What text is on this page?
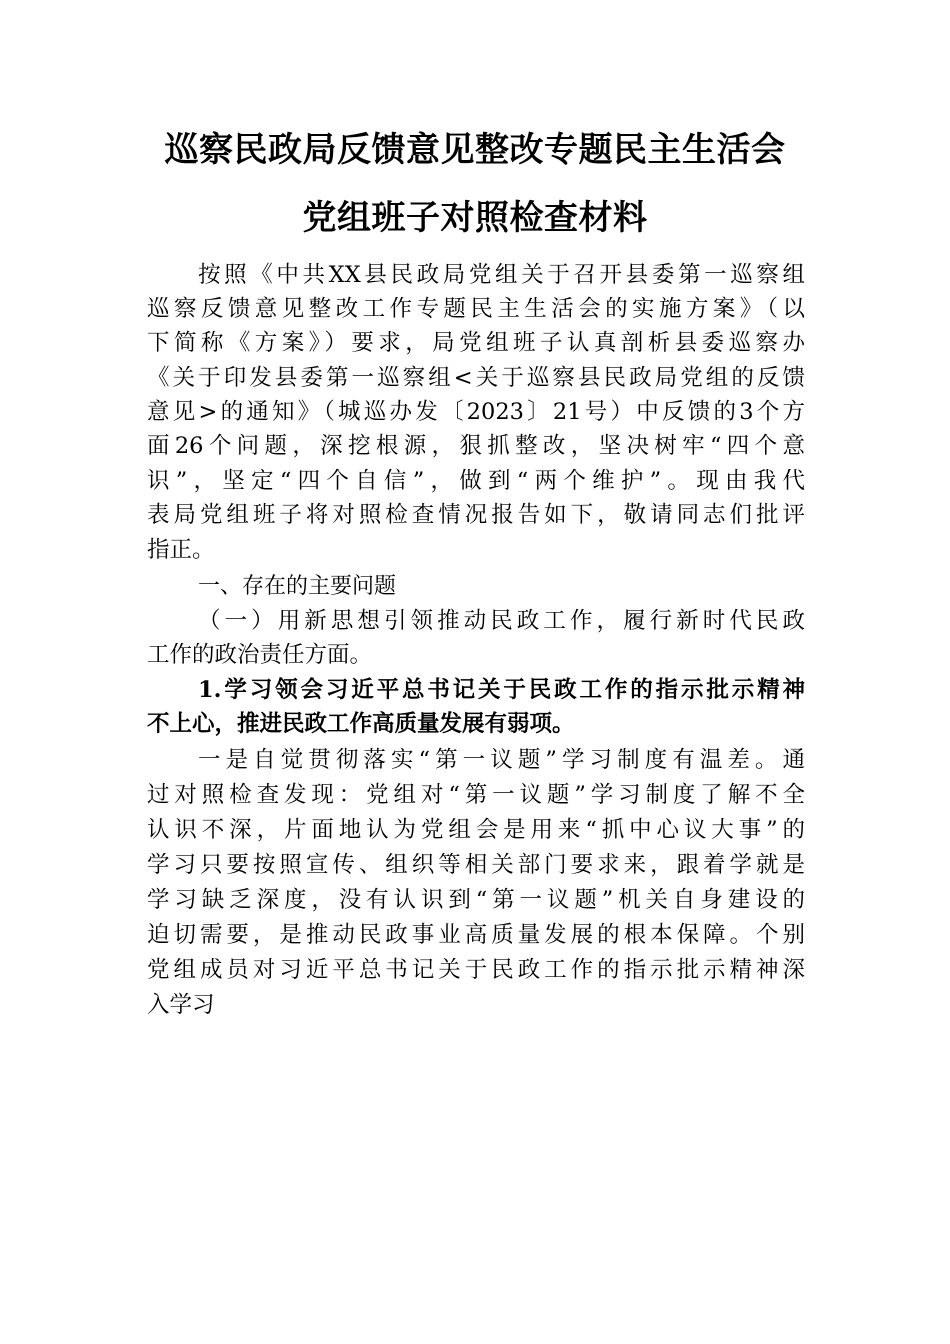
巡察民政局反馈意见整改专题民主生活会
党组班子对照检查材料
按照《中共XX县民政局党组关于召开县委第一巡察组
巡察反馈意见整改工作专题民主生活会的实施方案》（以
下简称《方案》）要求，局党组班子认真剖析县委巡察办
《关于印发县委第一巡察组<关于巡察县民政局党组的反馈
意见>的通知》（城巡办发〔2023〕21号）中反馈的3个方
面26个问题，深挖根源，狠抓整改，坚决树牢“四个意
识”，坚定“四个自信”，做到“两个维护”。现由我代
表局党组班子将对照检查情况报告如下，敬请同志们批评
指正。
一、存在的主要问题
（一）用新思想引领推动民政工作，履行新时代民政
工作的政治责任方面。
1.学习领会习近平总书记关于民政工作的指示批示精神
不上心，推进民政工作高质量发展有弱项。
一是自觉贯彻落实“第一议题”学习制度有温差。通
过对照检查发现：党组对“第一议题”学习制度了解不全
认识不深，片面地认为党组会是用来“抓中心议大事”的
学习只要按照宣传、组织等相关部门要求来，跟着学就是
学习缺乏深度，没有认识到“第一议题”机关自身建设的
迫切需要，是推动民政事业高质量发展的根本保障。个别
党组成员对习近平总书记关于民政工作的指示批示精神深
入学习
